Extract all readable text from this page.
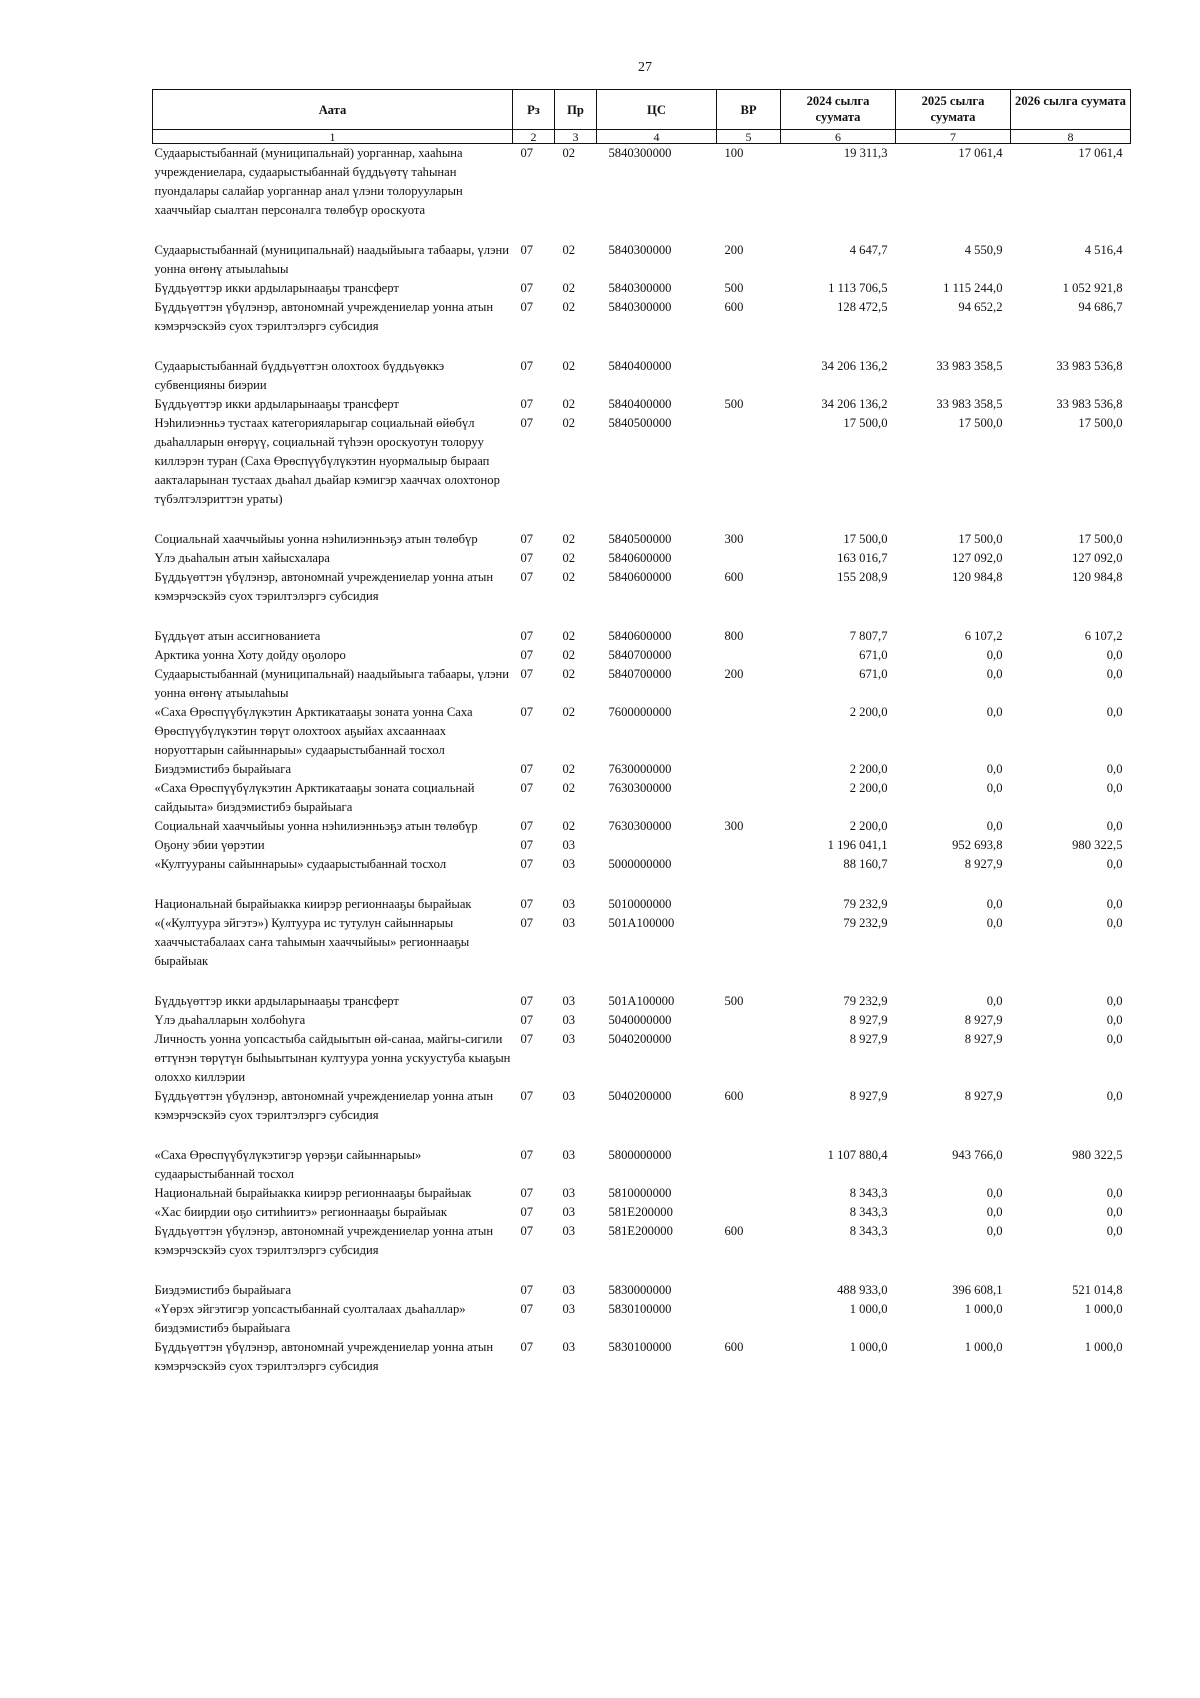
27
Аата	Рз	Пр	ЦС	ВР	2024 сылга суумата	2025 сылга суумата	2026 сылга суумата
1	2	3	4	5	6	7	8
Судаарыстыбаннай (муниципальнай) уорганнар, хааһына учреждениелара, судаарыстыбаннай бүддьүөтү таһынан пуондалары салайар уорганнар анал үлэни толорууларын хааччыйар сыалтан персоналга төлөбүр ороскуота	07	02	5840300000	100	19 311,3	17 061,4	17 061,4
Судаарыстыбаннай (муниципальнай) наадыйыыга табаары, үлэни уонна өҥөнү атыылаһыы	07	02	5840300000	200	4 647,7	4 550,9	4 516,4
Бүддьүөттэр икки ардыларынааҕы трансферт	07	02	5840300000	500	1 113 706,5	1 115 244,0	1 052 921,8
Бүддьүөттэн үбүлэнэр, автономнай учреждениелар уонна атын кэмэрчэскэйэ суох тэрилтэлэргэ субсидия	07	02	5840300000	600	128 472,5	94 652,2	94 686,7
Судаарыстыбаннай бүддьүөттэн олохтоох бүддьүөккэ субвенцияны биэрии	07	02	5840400000		34 206 136,2	33 983 358,5	33 983 536,8
Бүддьүөттэр икки ардыларынааҕы трансферт	07	02	5840400000	500	34 206 136,2	33 983 358,5	33 983 536,8
Нэһилиэнньэ тустаах категорияларыгар социальнай өйөбүл дьаһалларын өҥөрүү, социальнай түһээн ороскуотун толоруу киллэрэн туран (Саха Өрөспүүбүлүкэтин нуормалыыр быраап аакталарынан тустаах дьаһал дьайар кэмигэр хааччах олохтонор түбэлтэлэриттэн ураты)	07	02	5840500000		17 500,0	17 500,0	17 500,0
Социальнай хааччыйыы уонна нэһилиэнньэҕэ атын төлөбүр	07	02	5840500000	300	17 500,0	17 500,0	17 500,0
Үлэ дьаһалын атын хайысхалара	07	02	5840600000		163 016,7	127 092,0	127 092,0
Бүддьүөттэн үбүлэнэр, автономнай учреждениелар уонна атын кэмэрчэскэйэ суох тэрилтэлэргэ субсидия	07	02	5840600000	600	155 208,9	120 984,8	120 984,8
Бүддьүөт атын ассигнованиета	07	02	5840600000	800	7 807,7	6 107,2	6 107,2
Арктика уонна Хоту дойду оҕолоро	07	02	5840700000		671,0	0,0	0,0
Судаарыстыбаннай (муниципальнай) наадыйыыга табаары, үлэни уонна өҥөнү атыылаһыы	07	02	5840700000	200	671,0	0,0	0,0
«Саха Өрөспүүбүлүкэтин Арктикатааҕы зоната уонна Саха Өрөспүүбүлүкэтин төрүт олохтоох аҕыйах ахсааннаах норуоттарын сайыннарыы» судаарыстыбаннай тосхол	07	02	7600000000		2 200,0	0,0	0,0
Биэдэмистибэ бырайыага	07	02	7630000000		2 200,0	0,0	0,0
«Саха Өрөспүүбүлүкэтин Арктикатааҕы зоната социальнай сайдыыта» биэдэмистибэ бырайыага	07	02	7630300000		2 200,0	0,0	0,0
Социальнай хааччыйыы уонна нэһилиэнньэҕэ атын төлөбүр	07	02	7630300000	300	2 200,0	0,0	0,0
Оҕону эбии үөрэтии	07	03			1 196 041,1	952 693,8	980 322,5
«Култуураны сайыннарыы» судаарыстыбаннай тосхол	07	03	5000000000		88 160,7	8 927,9	0,0
Национальнай бырайыакка киирэр регионнааҕы бырайыак	07	03	5010000000		79 232,9	0,0	0,0
«(«Култуура эйгэтэ») Култуура ис тутулун сайыннарыы хааччыстабалаах саҥа таһымын хааччыйыы» регионнааҕы бырайыак	07	03	501A100000		79 232,9	0,0	0,0
Бүддьүөттэр икки ардыларынааҕы трансферт	07	03	501A100000	500	79 232,9	0,0	0,0
Үлэ дьаһалларын холбоһуга	07	03	5040000000		8 927,9	8 927,9	0,0
Личность уонна уопсастыба сайдыытын өй-санаа, майгы-сигили өттүнэн төрүтүн быһыытынан култуура уонна ускуустуба кыаҕын олоххо киллэрии	07	03	5040200000		8 927,9	8 927,9	0,0
Бүддьүөттэн үбүлэнэр, автономнай учреждениелар уонна атын кэмэрчэскэйэ суох тэрилтэлэргэ субсидия	07	03	5040200000	600	8 927,9	8 927,9	0,0
«Саха Өрөспүүбүлүкэтигэр үөрэҕи сайыннарыы» судаарыстыбаннай тосхол	07	03	5800000000		1 107 880,4	943 766,0	980 322,5
Национальнай бырайыакка киирэр регионнааҕы бырайыак	07	03	5810000000		8 343,3	0,0	0,0
«Хас биирдии оҕо ситиһиитэ» регионнааҕы бырайыак	07	03	581E200000		8 343,3	0,0	0,0
Бүддьүөттэн үбүлэнэр, автономнай учреждениелар уонна атын кэмэрчэскэйэ суох тэрилтэлэргэ субсидия	07	03	581E200000	600	8 343,3	0,0	0,0
Биэдэмистибэ бырайыага	07	03	5830000000		488 933,0	396 608,1	521 014,8
«Үөрэх эйгэтигэр уопсастыбаннай суолталаах дьаһаллар» биэдэмистибэ бырайыага	07	03	5830100000		1 000,0	1 000,0	1 000,0
Бүддьүөттэн үбүлэнэр, автономнай учреждениелар уонна атын кэмэрчэскэйэ суох тэрилтэлэргэ субсидия	07	03	5830100000	600	1 000,0	1 000,0	1 000,0
